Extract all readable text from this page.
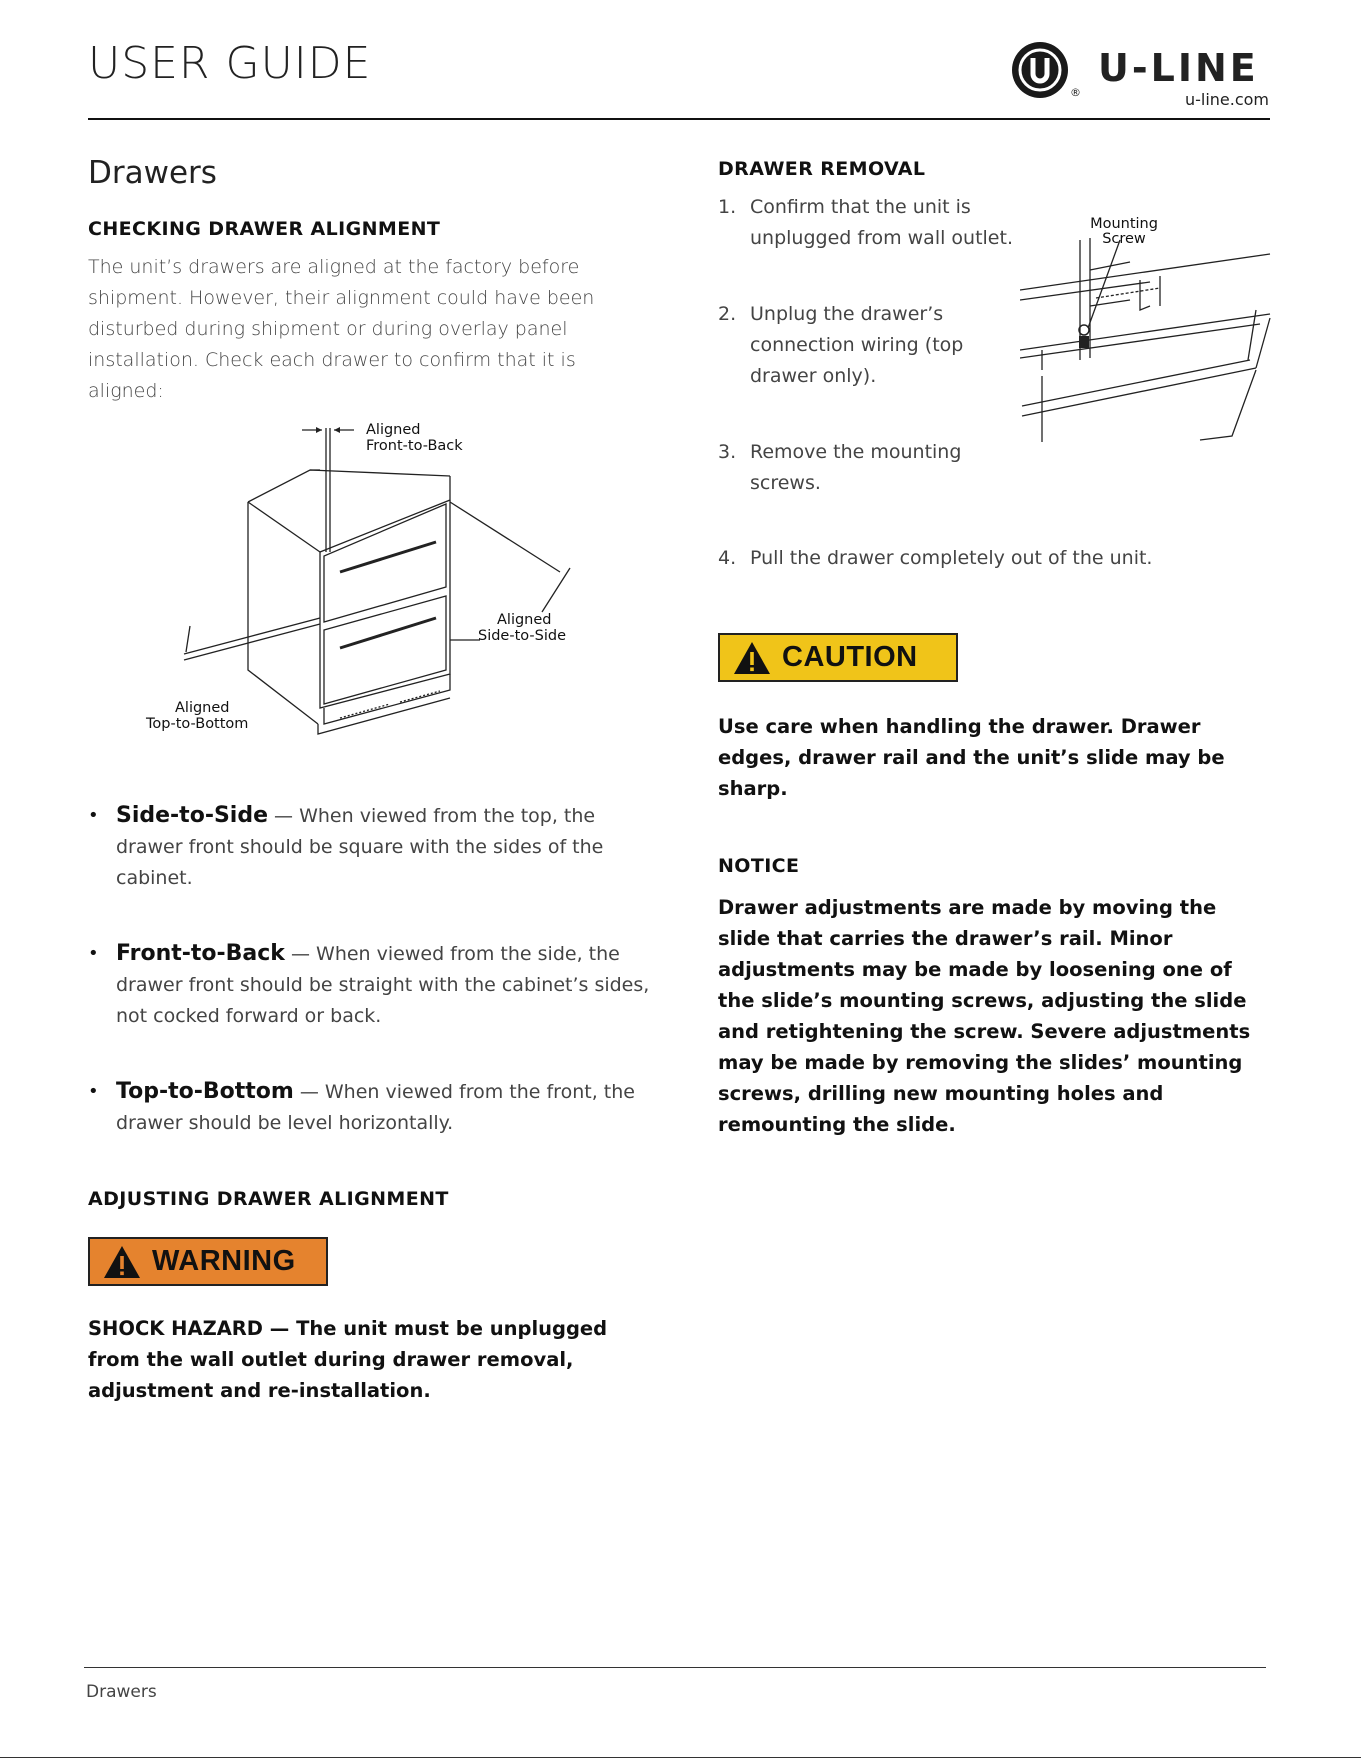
USER GUIDE
®
U-LINE
u-line.com
Drawers
CHECKING DRAWER ALIGNMENT
The unit’s drawers are aligned at the factory before
shipment. However, their alignment could have been
disturbed during shipment or during overlay panel
installation. Check each drawer to confirm that it is
aligned:
Aligned
Front-to-Back
Aligned
Side-to-Side
Aligned
Top-to-Bottom
• Side-to-Side — When viewed from the top, the
drawer front should be square with the sides of the
cabinet.
• Front-to-Back — When viewed from the side, the
drawer front should be straight with the cabinet’s sides,
not cocked forward or back.
• Top-to-Bottom — When viewed from the front, the
drawer should be level horizontally.
ADJUSTING DRAWER ALIGNMENT
WARNING
SHOCK HAZARD — The unit must be unplugged
from the wall outlet during drawer removal,
adjustment and re-installation.
DRAWER REMOVAL
1. Confirm that the unit is
unplugged from wall outlet.
2. Unplug the drawer’s
connection wiring (top
drawer only).
3. Remove the mounting
screws.
4. Pull the drawer completely out of the unit.
Mounting
Screw
CAUTION
Use care when handling the drawer. Drawer
edges, drawer rail and the unit’s slide may be
sharp.
NOTICE
Drawer adjustments are made by moving the
slide that carries the drawer’s rail. Minor
adjustments may be made by loosening one of
the slide’s mounting screws, adjusting the slide
and retightening the screw. Severe adjustments
may be made by removing the slides’ mounting
screws, drilling new mounting holes and
remounting the slide.
Drawers
